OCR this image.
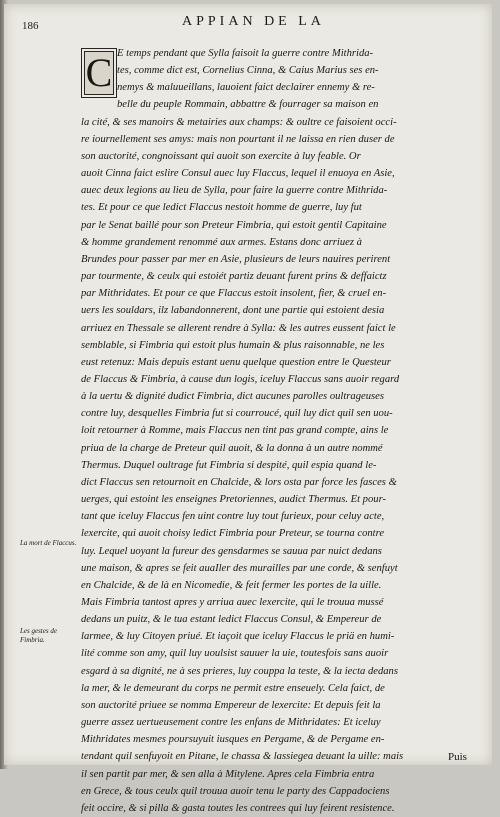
186	APPIAN DE LA
E temps pendant que Sylla faisoit la guerre contre Mithrida-
tes, comme dict est, Cornelius Cinna, & Caius Marius ses en-
nemys & maluueillans, lauoient faict declairer ennemy & re-
belle du peuple Rommain, abbattre & fourrager sa maison en
la cité, & ses manoirs & metairies aux champs: & oultre ce faisoient occi-
re iournellement ses amys: mais non pourtant il ne laissa en rien duser de
son auctorité, congnoissant qui auoit son exercite à luy feable. Or
auoit Cinna faict eslire Consul auec luy Flaccus, lequel il enuoya en Asie,
auec deux legions au lieu de Sylla, pour faire la guerre contre Mithrida-
tes. Et pour ce que ledict Flaccus nestoit homme de guerre, luy fut
par le Senat baillé pour son Preteur Fimbria, qui estoit gentil Capitaine
& homme grandement renommé aux armes. Estans donc arriuez à
Brundes pour passer par mer en Asie, plusieurs de leurs nauires perirent
par tourmente, & ceulx qui estoiét partiz deuant furent prins & deffaictz
par Mithridates. Et pour ce que Flaccus estoit insolent, fier, & cruel en-
uers les souldars, ilz labandonnerent, dont une partie qui estoient desia
arriuez en Thessale se allerent rendre à Sylla: & les autres eussent faict le
semblable, si Fimbria qui estoit plus humain & plus raisonnable, ne les
eust retenuz: Mais depuis estant uenu quelque question entre le Questeur
de Flaccus & Fimbria, à cause dun logis, iceluy Flaccus sans auoir regard
à la uertu & dignité dudict Fimbria, dict aucunes parolles oultrageuses
contre luy, desquelles Fimbria fut si courroucé, quil luy dict quil sen uou-
loit retourner à Romme, mais Flaccus nen tint pas grand compte, ains le
priua de la charge de Preteur quil auoit, & la donna à un autre nommé
Thermus. Duquel oultrage fut Fimbria si despité, quil espia quand le-
dict Flaccus sen retournoit en Chalcide, & lors osta par force les fasces &
uerges, qui estoint les enseignes Pretoriennes, audict Thermus. Et pour-
tant que iceluy Flaccus fen uint contre luy tout furieux, pour celuy acte,
lexercite, qui auoit choisy ledict Fimbria pour Preteur, se tourna contre
luy. Lequel uoyant la fureur des gensdarmes se sauua par nuict dedans
une maison, & apres se feit auaIler des murailles par une corde, & senfuyt
en Chalcide, & de là en Nicomedie, & feit fermer les portes de la uille.
Mais Fimbria tantost apres y arriua auec lexercite, qui le trouua mussé
dedans un puitz, & le tua estant ledict Flaccus Consul, & Empereur de
larmee, & luy Citoyen priué. Et iaçoit que iceluy Flaccus le priä en humi-
lité comme son amy, quil luy uoulsist sauuer la uie, toutesfois sans auoir
esgard à sa dignité, ne à ses prieres, luy couppa la teste, & la iecta dedans
la mer, & le demeurant du corps ne permit estre enseuely. Cela faict, de
son auctorité priuee se nomma Empereur de lexercite: Et depuis feit la
guerre assez uertueusement contre les enfans de Mithridates: Et iceluy
Mithridates mesmes poursuyuit iusques en Pergame, & de Pergame en-
tendant quil senfuyoit en Pitane, le chassa & lassiegea deuant la uille: mais
il sen partit par mer, & sen alla à Mitylene. Apres cela Fimbria entra
en Grece, & tous ceulx quil trouua auoir tenu le party des Cappadociens
feit occire, & si pilla & gasta toutes les contrees qui luy feirent resistence.
C
La mort de Flaccus.
Les gestes de Fimbria.
Puis
